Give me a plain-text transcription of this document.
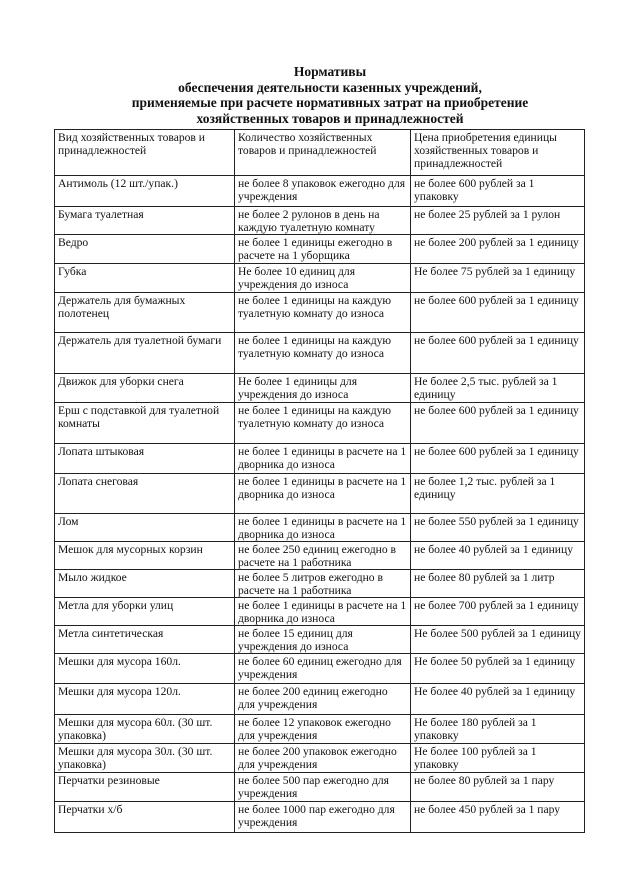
Нормативы
обеспечения деятельности казенных учреждений,
применяемые при расчете нормативных затрат на приобретение
хозяйственных товаров и принадлежностей
Вид хозяйственных товаров и принадлежностей	Количество хозяйственных товаров и принадлежностей	Цена приобретения единицы хозяйственных товаров и принадлежностей
Антимоль (12 шт./упак.)	не более 8 упаковок ежегодно для учреждения	не более 600 рублей за 1 упаковку
Бумага туалетная	не более 2 рулонов в день на каждую туалетную комнату	не более 25 рублей за 1 рулон
Ведро	не более 1 единицы ежегодно в расчете на 1 уборщика	не более 200 рублей за 1 единицу
Губка	Не более 10 единиц для учреждения до износа	Не более 75 рублей за 1 единицу
Держатель для бумажных полотенец	не более 1 единицы на каждую туалетную комнату до износа	не более 600 рублей за 1 единицу
Держатель для туалетной бумаги	не более 1 единицы на каждую туалетную комнату до износа	не более 600 рублей за 1 единицу
Движок для уборки снега	Не более 1 единицы для учреждения до износа	Не более 2,5 тыс. рублей за 1 единицу
Ерш с подставкой для туалетной комнаты	не более 1 единицы на каждую туалетную комнату до износа	не более 600 рублей за 1 единицу
Лопата штыковая	не более 1 единицы в расчете на 1 дворника до износа	не более 600 рублей за 1 единицу
Лопата снеговая	не более 1 единицы в расчете на 1 дворника до износа	не более 1,2 тыс. рублей за 1 единицу
Лом	не более 1 единицы в расчете на 1 дворника до износа	не более 550 рублей за 1 единицу
Мешок для мусорных корзин	не более 250 единиц ежегодно в расчете на 1 работника	не более 40 рублей за 1 единицу
Мыло жидкое	не более 5 литров ежегодно в расчете на 1 работника	не более 80 рублей за 1 литр
Метла для уборки улиц	не более 1 единицы в расчете на 1 дворника до износа	не более 700 рублей за 1 единицу
Метла синтетическая	не более 15 единиц для учреждения до износа	Не более 500 рублей за 1 единицу
Мешки для мусора 160л.	не более 60 единиц ежегодно для учреждения	Не более 50 рублей за 1 единицу
Мешки для мусора 120л.	не более 200 единиц ежегодно для учреждения	Не более 40 рублей за 1 единицу
Мешки для мусора 60л. (30 шт. упаковка)	не более 12 упаковок ежегодно для учреждения	Не более 180 рублей за 1 упаковку
Мешки для мусора 30л. (30 шт. упаковка)	не более 200 упаковок ежегодно для учреждения	Не более 100 рублей за 1 упаковку
Перчатки резиновые	не более 500 пар ежегодно для учреждения	не более 80 рублей за 1 пару
Перчатки х/б	не более 1000 пар ежегодно для учреждения	не более 450 рублей за 1 пару
